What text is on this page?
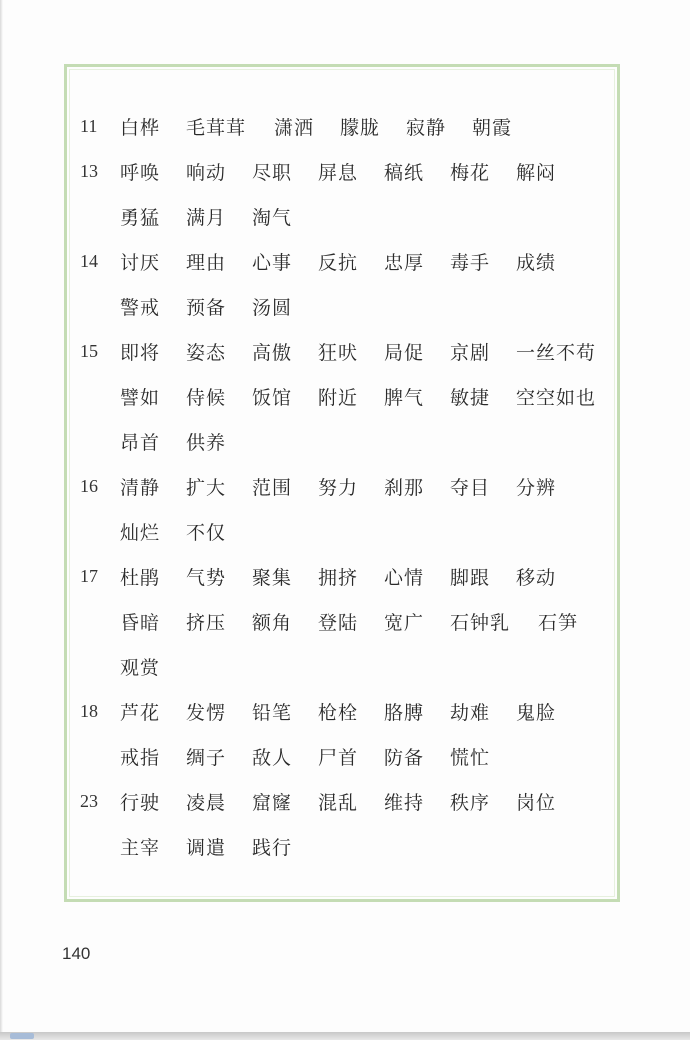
11 白桦	毛茸茸	潇洒	朦胧	寂静	朝霞
13 呼唤	响动	尽职	屏息	稿纸	梅花	解闷
勇猛	满月	淘气
14 讨厌	理由	心事	反抗	忠厚	毒手	成绩
警戒	预备	汤圆
15 即将	姿态	高傲	狂吠	局促	京剧	一丝不苟
譬如	侍候	饭馆	附近	脾气	敏捷	空空如也
昂首	供养
16 清静	扩大	范围	努力	刹那	夺目	分辨
灿烂	不仅
17 杜鹃	气势	聚集	拥挤	心情	脚跟	移动
昏暗	挤压	额角	登陆	宽广	石钟乳	石笋
观赏
18 芦花	发愣	铅笔	枪栓	胳膊	劫难	鬼脸
戒指	绸子	敌人	尸首	防备	慌忙
23 行驶	凌晨	窟窿	混乱	维持	秩序	岗位
主宰	调遣	践行
140
